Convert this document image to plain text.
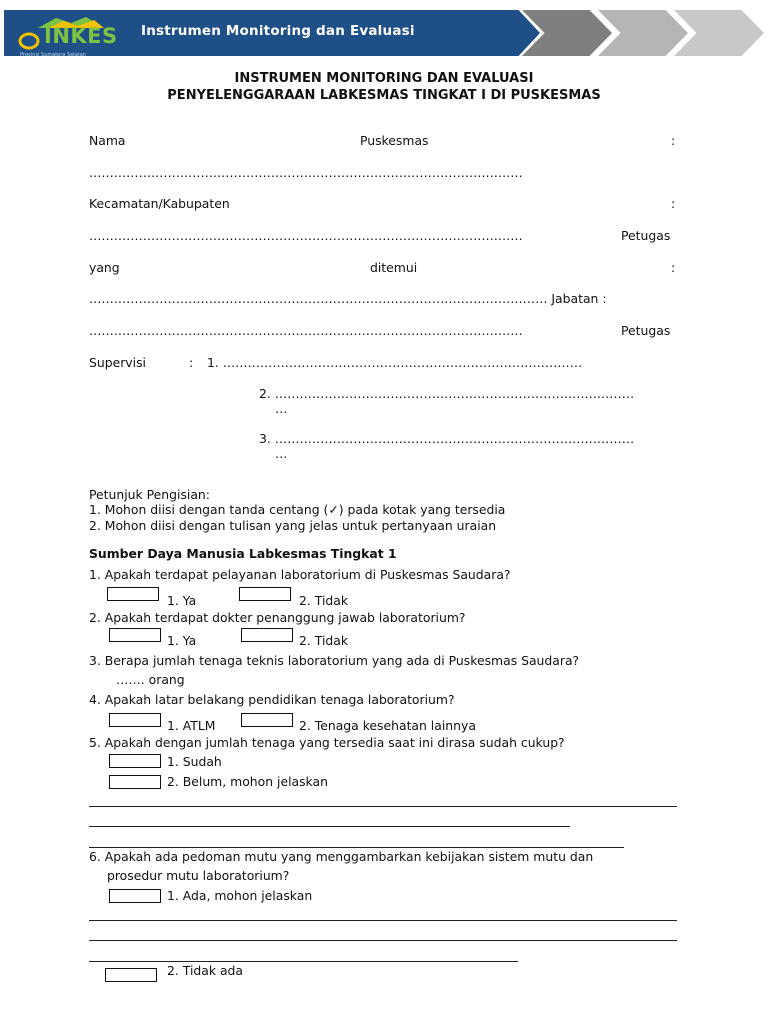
INKES
Provinsi Sumatera Selatan
Instrumen Monitoring dan Evaluasi
INSTRUMEN MONITORING DAN EVALUASI
PENYELENGGARAAN LABKESMAS TINGKAT I DI PUSKESMAS
Nama	Puskesmas	:
……………………………………………………………………………………………
Kecamatan/Kabupaten	:
……………………………………………………………………………………………	Petugas
yang	ditemui	:
………………………………………………………………………………………………… Jabatan :
……………………………………………………………………………………………	Petugas
Supervisi	: 1. ……………………………………………………………………………
2. ……………………………………………………………………………
…
3. ……………………………………………………………………………
…
Petunjuk Pengisian:
1. Mohon diisi dengan tanda centang (✓) pada kotak yang tersedia
2. Mohon diisi dengan tulisan yang jelas untuk pertanyaan uraian
Sumber Daya Manusia Labkesmas Tingkat 1
1. Apakah terdapat pelayanan laboratorium di Puskesmas Saudara?
1. Ya	2. Tidak
2. Apakah terdapat dokter penanggung jawab laboratorium?
1. Ya	2. Tidak
3. Berapa jumlah tenaga teknis laboratorium yang ada di Puskesmas Saudara?
……. orang
4. Apakah latar belakang pendidikan tenaga laboratorium?
1. ATLM	2. Tenaga kesehatan lainnya
5. Apakah dengan jumlah tenaga yang tersedia saat ini dirasa sudah cukup?
1. Sudah
2. Belum, mohon jelaskan
6. Apakah ada pedoman mutu yang menggambarkan kebijakan sistem mutu dan
prosedur mutu laboratorium?
1. Ada, mohon jelaskan
2. Tidak ada
